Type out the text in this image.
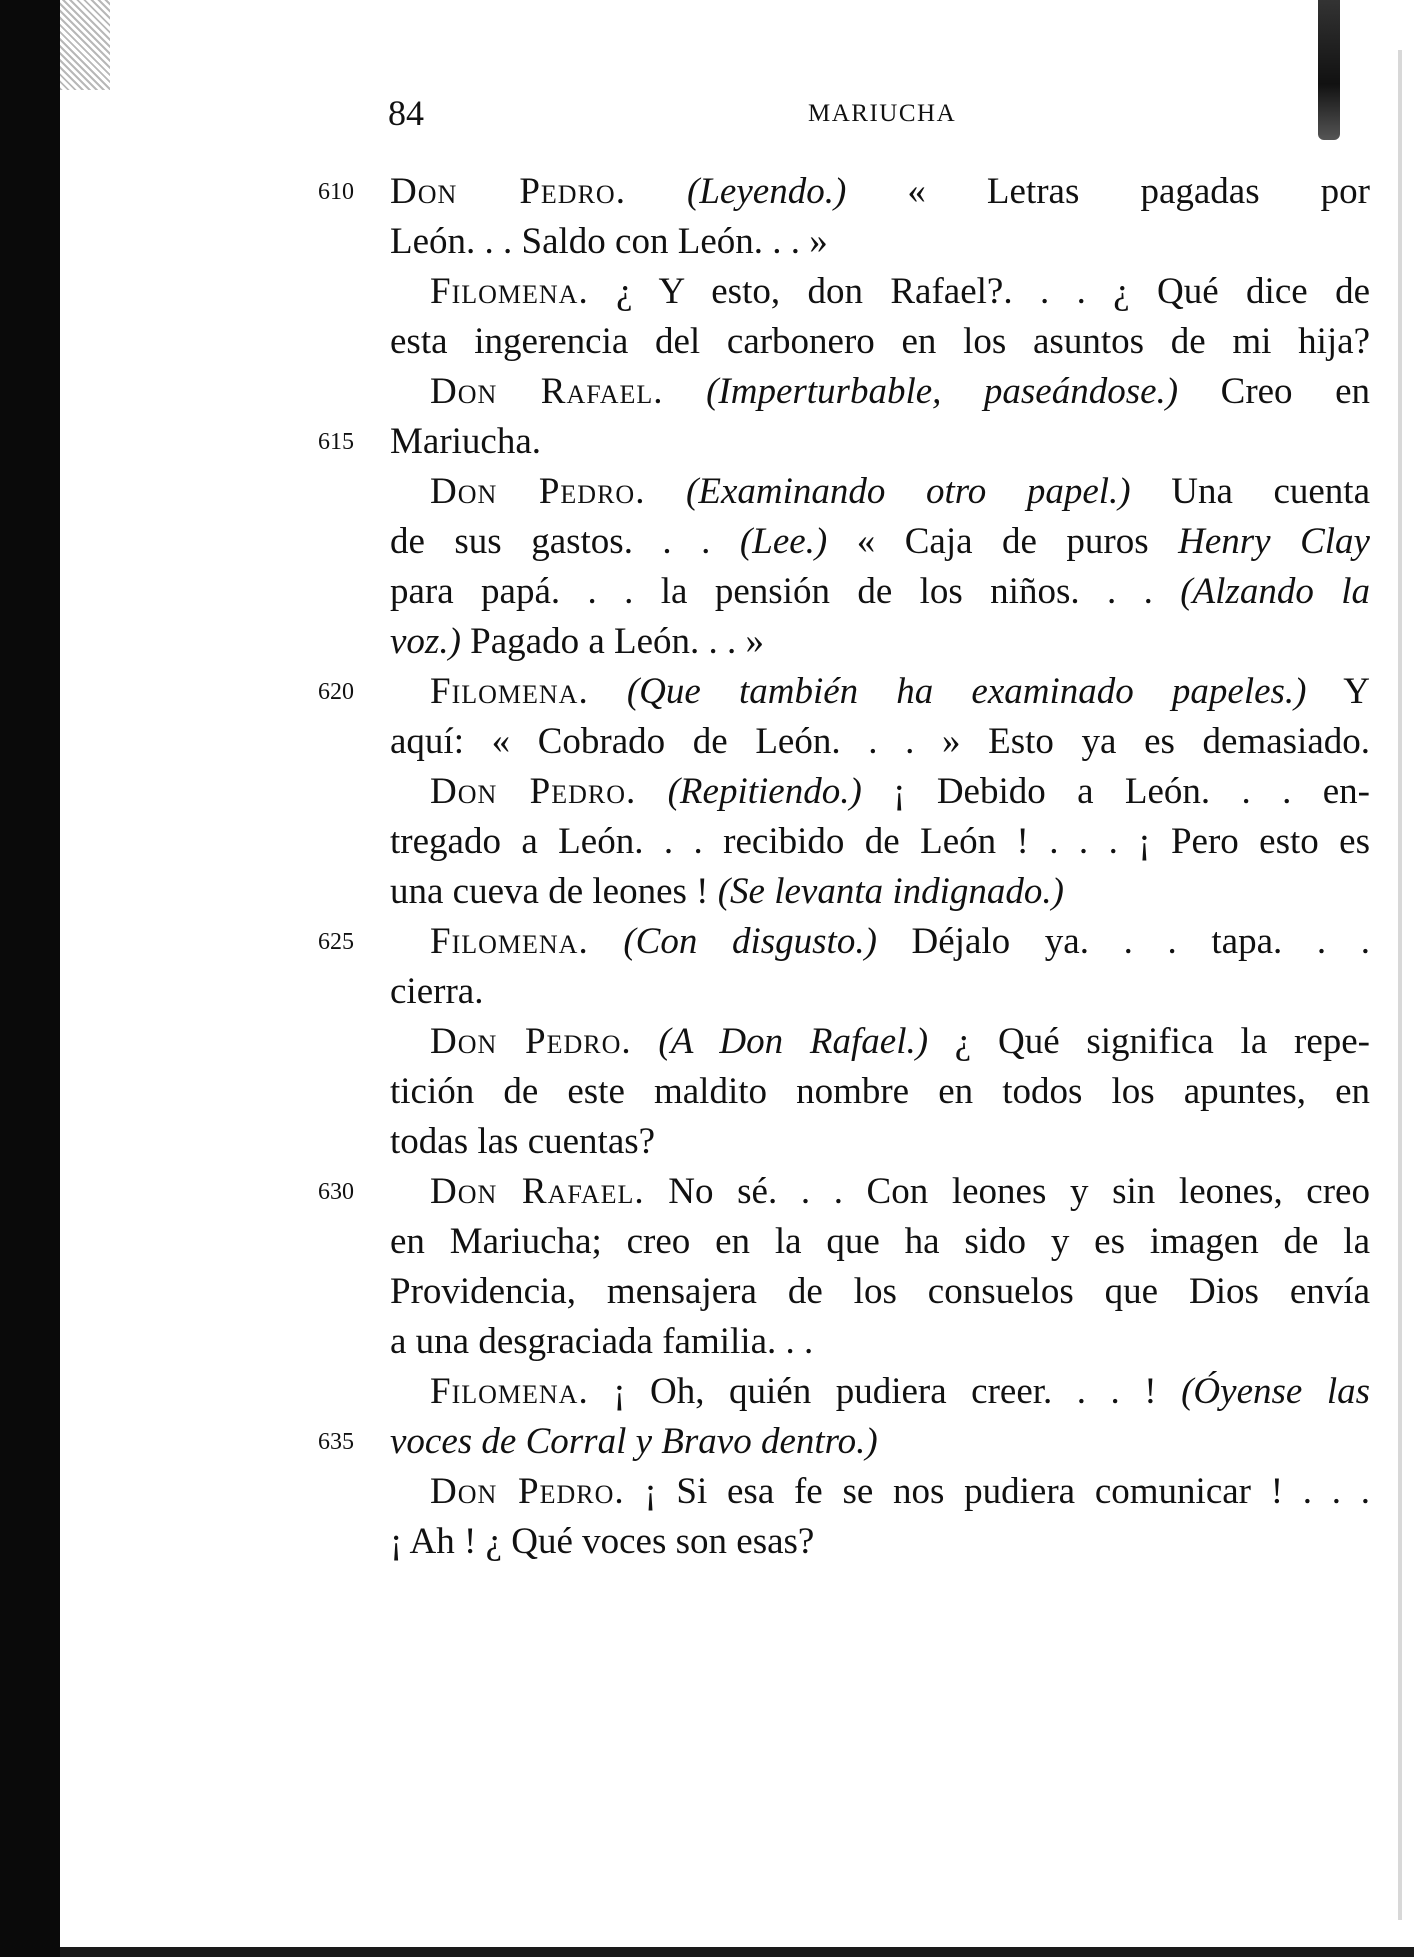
84	MARIUCHA
610 Don Pedro. (Leyendo.) « Letras pagadas por
León. . . Saldo con León. . . »
Filomena. ¿ Y esto, don Rafael?. . . ¿ Qué dice de
esta ingerencia del carbonero en los asuntos de mi hija?
Don Rafael. (Imperturbable, paseándose.) Creo en
615 Mariucha.
Don Pedro. (Examinando otro papel.) Una cuenta
de sus gastos. . . (Lee.) « Caja de puros Henry Clay
para papá. . . la pensión de los niños. . . (Alzando la
voz.) Pagado a León. . . »
620 Filomena. (Que también ha examinado papeles.) Y
aquí: « Cobrado de León. . . » Esto ya es demasiado.
Don Pedro. (Repitiendo.) ¡ Debido a León. . . en-
tregado a León. . . recibido de León ! . . . ¡ Pero esto es
una cueva de leones ! (Se levanta indignado.)
625 Filomena. (Con disgusto.) Déjalo ya. . . tapa. . .
cierra.
Don Pedro. (A Don Rafael.) ¿ Qué significa la repe-
tición de este maldito nombre en todos los apuntes, en
todas las cuentas?
630 Don Rafael. No sé. . . Con leones y sin leones, creo
en Mariucha; creo en la que ha sido y es imagen de la
Providencia, mensajera de los consuelos que Dios envía
a una desgraciada familia. . .
Filomena. ¡ Oh, quién pudiera creer. . . ! (Óyense las
635 voces de Corral y Bravo dentro.)
Don Pedro. ¡ Si esa fe se nos pudiera comunicar ! . . .
¡ Ah ! ¿ Qué voces son esas?
